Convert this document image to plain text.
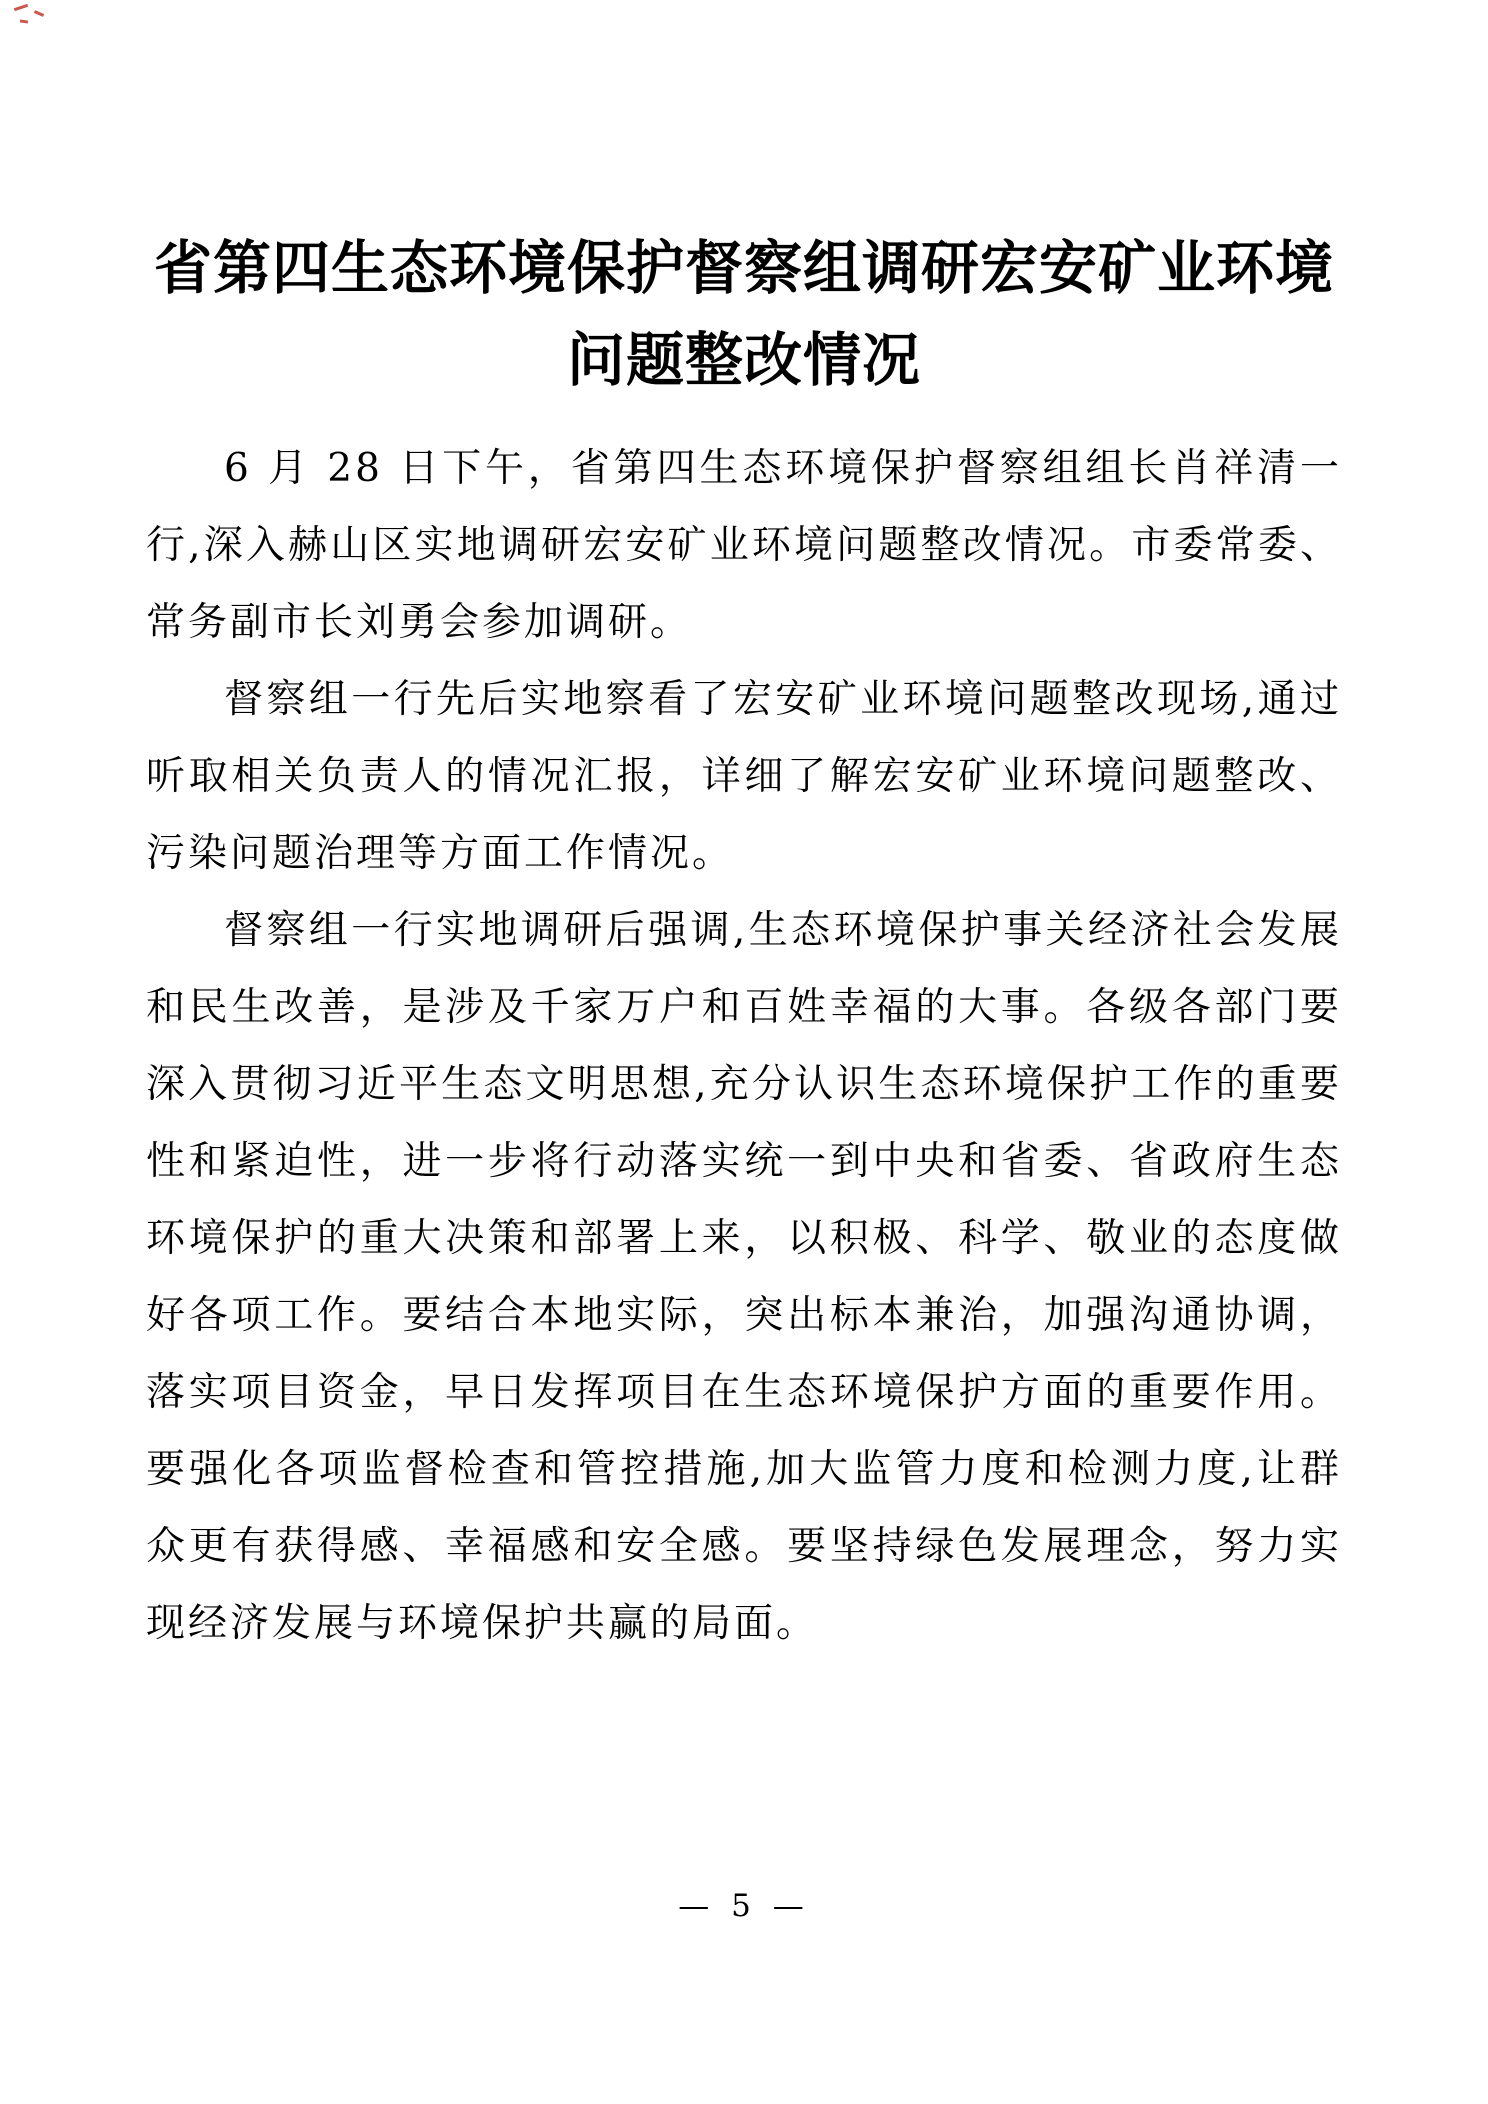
省第四生态环境保护督察组调研宏安矿业环境
问题整改情况

6 月 28 日下午，省第四生态环境保护督察组组长肖祥清一行,深入赫山区实地调研宏安矿业环境问题整改情况。市委常委、常务副市长刘勇会参加调研。

督察组一行先后实地察看了宏安矿业环境问题整改现场,通过听取相关负责人的情况汇报，详细了解宏安矿业环境问题整改、污染问题治理等方面工作情况。

督察组一行实地调研后强调,生态环境保护事关经济社会发展和民生改善，是涉及千家万户和百姓幸福的大事。各级各部门要深入贯彻习近平生态文明思想,充分认识生态环境保护工作的重要性和紧迫性，进一步将行动落实统一到中央和省委、省政府生态环境保护的重大决策和部署上来，以积极、科学、敬业的态度做好各项工作。要结合本地实际，突出标本兼治，加强沟通协调，落实项目资金，早日发挥项目在生态环境保护方面的重要作用。要强化各项监督检查和管控措施,加大监管力度和检测力度,让群众更有获得感、幸福感和安全感。要坚持绿色发展理念，努力实现经济发展与环境保护共赢的局面。

— 5 —
